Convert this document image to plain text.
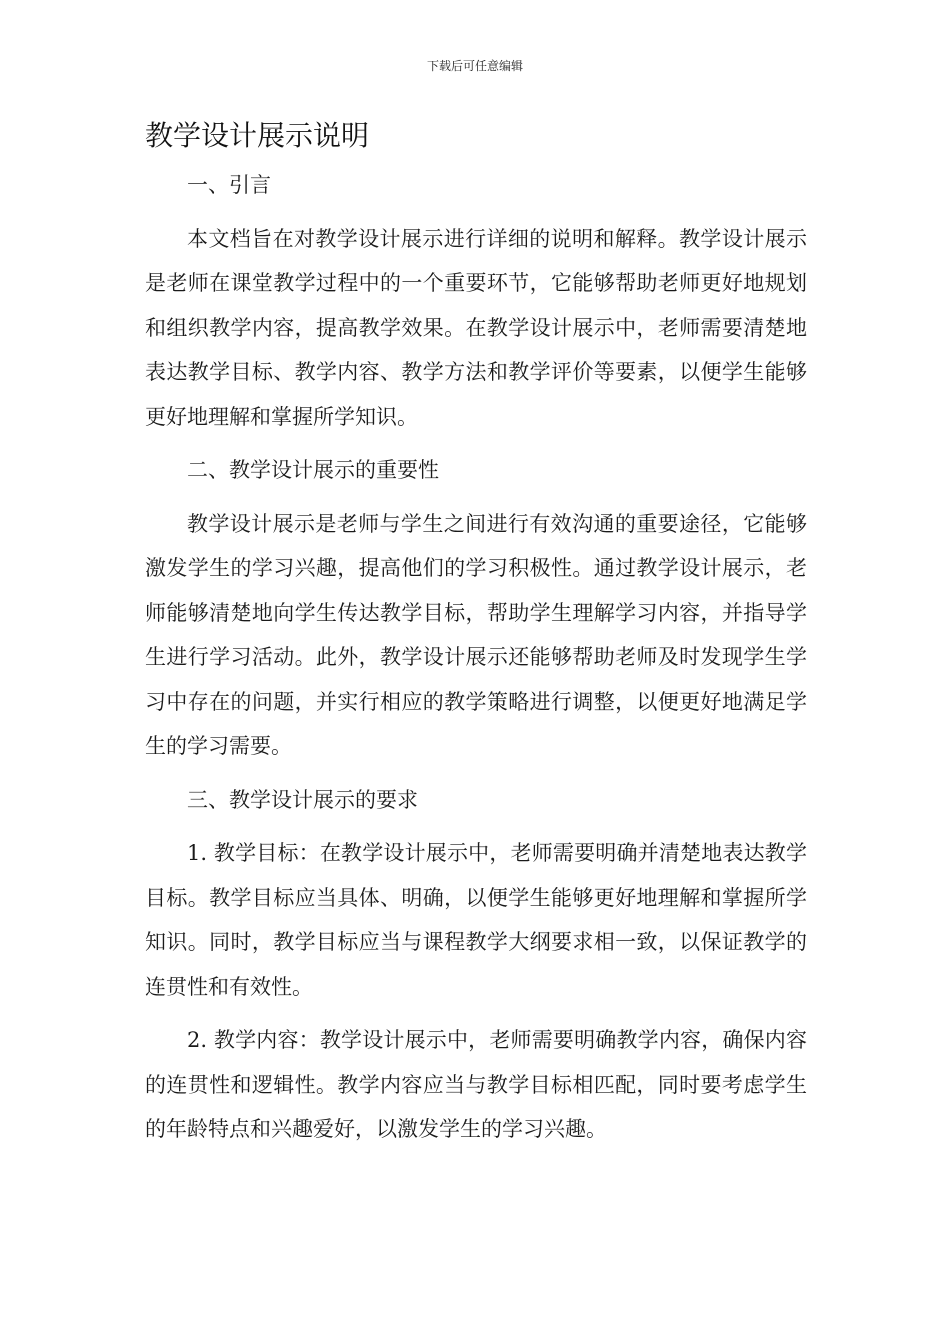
下载后可任意编辑
教学设计展示说明

一、引言

本文档旨在对教学设计展示进行详细的说明和解释。教学设计展示是老师在课堂教学过程中的一个重要环节，它能够帮助老师更好地规划和组织教学内容，提高教学效果。在教学设计展示中，老师需要清楚地表达教学目标、教学内容、教学方法和教学评价等要素，以便学生能够更好地理解和掌握所学知识。

二、教学设计展示的重要性

教学设计展示是老师与学生之间进行有效沟通的重要途径，它能够激发学生的学习兴趣，提高他们的学习积极性。通过教学设计展示，老师能够清楚地向学生传达教学目标，帮助学生理解学习内容，并指导学生进行学习活动。此外，教学设计展示还能够帮助老师及时发现学生学习中存在的问题，并实行相应的教学策略进行调整，以便更好地满足学生的学习需要。

三、教学设计展示的要求

1. 教学目标：在教学设计展示中，老师需要明确并清楚地表达教学目标。教学目标应当具体、明确，以便学生能够更好地理解和掌握所学知识。同时，教学目标应当与课程教学大纲要求相一致，以保证教学的连贯性和有效性。

2. 教学内容：教学设计展示中，老师需要明确教学内容，确保内容的连贯性和逻辑性。教学内容应当与教学目标相匹配，同时要考虑学生的年龄特点和兴趣爱好，以激发学生的学习兴趣。
